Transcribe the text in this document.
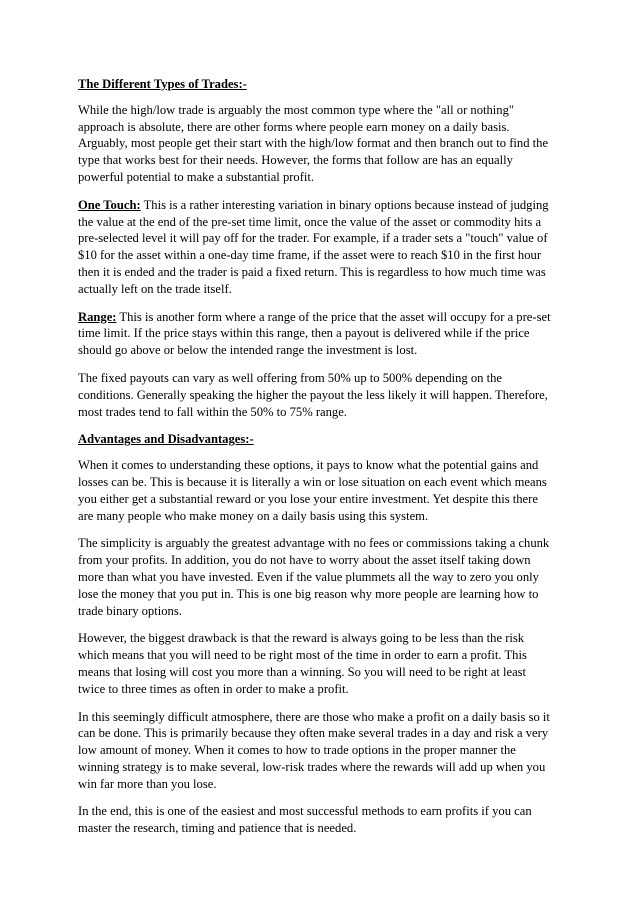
The Different Types of Trades:-
While the high/low trade is arguably the most common type where the "all or nothing"
approach is absolute, there are other forms where people earn money on a daily basis.
Arguably, most people get their start with the high/low format and then branch out to find the
type that works best for their needs. However, the forms that follow are has an equally
powerful potential to make a substantial profit.
One Touch: This is a rather interesting variation in binary options because instead of judging
the value at the end of the pre-set time limit, once the value of the asset or commodity hits a
pre-selected level it will pay off for the trader. For example, if a trader sets a "touch" value of
$10 for the asset within a one-day time frame, if the asset were to reach $10 in the first hour
then it is ended and the trader is paid a fixed return. This is regardless to how much time was
actually left on the trade itself.
Range: This is another form where a range of the price that the asset will occupy for a pre-set
time limit. If the price stays within this range, then a payout is delivered while if the price
should go above or below the intended range the investment is lost.
The fixed payouts can vary as well offering from 50% up to 500% depending on the
conditions. Generally speaking the higher the payout the less likely it will happen. Therefore,
most trades tend to fall within the 50% to 75% range.
Advantages and Disadvantages:-
When it comes to understanding these options, it pays to know what the potential gains and
losses can be. This is because it is literally a win or lose situation on each event which means
you either get a substantial reward or you lose your entire investment. Yet despite this there
are many people who make money on a daily basis using this system.
The simplicity is arguably the greatest advantage with no fees or commissions taking a chunk
from your profits. In addition, you do not have to worry about the asset itself taking down
more than what you have invested. Even if the value plummets all the way to zero you only
lose the money that you put in. This is one big reason why more people are learning how to
trade binary options.
However, the biggest drawback is that the reward is always going to be less than the risk
which means that you will need to be right most of the time in order to earn a profit. This
means that losing will cost you more than a winning. So you will need to be right at least
twice to three times as often in order to make a profit.
In this seemingly difficult atmosphere, there are those who make a profit on a daily basis so it
can be done. This is primarily because they often make several trades in a day and risk a very
low amount of money. When it comes to how to trade options in the proper manner the
winning strategy is to make several, low-risk trades where the rewards will add up when you
win far more than you lose.
In the end, this is one of the easiest and most successful methods to earn profits if you can
master the research, timing and patience that is needed.
